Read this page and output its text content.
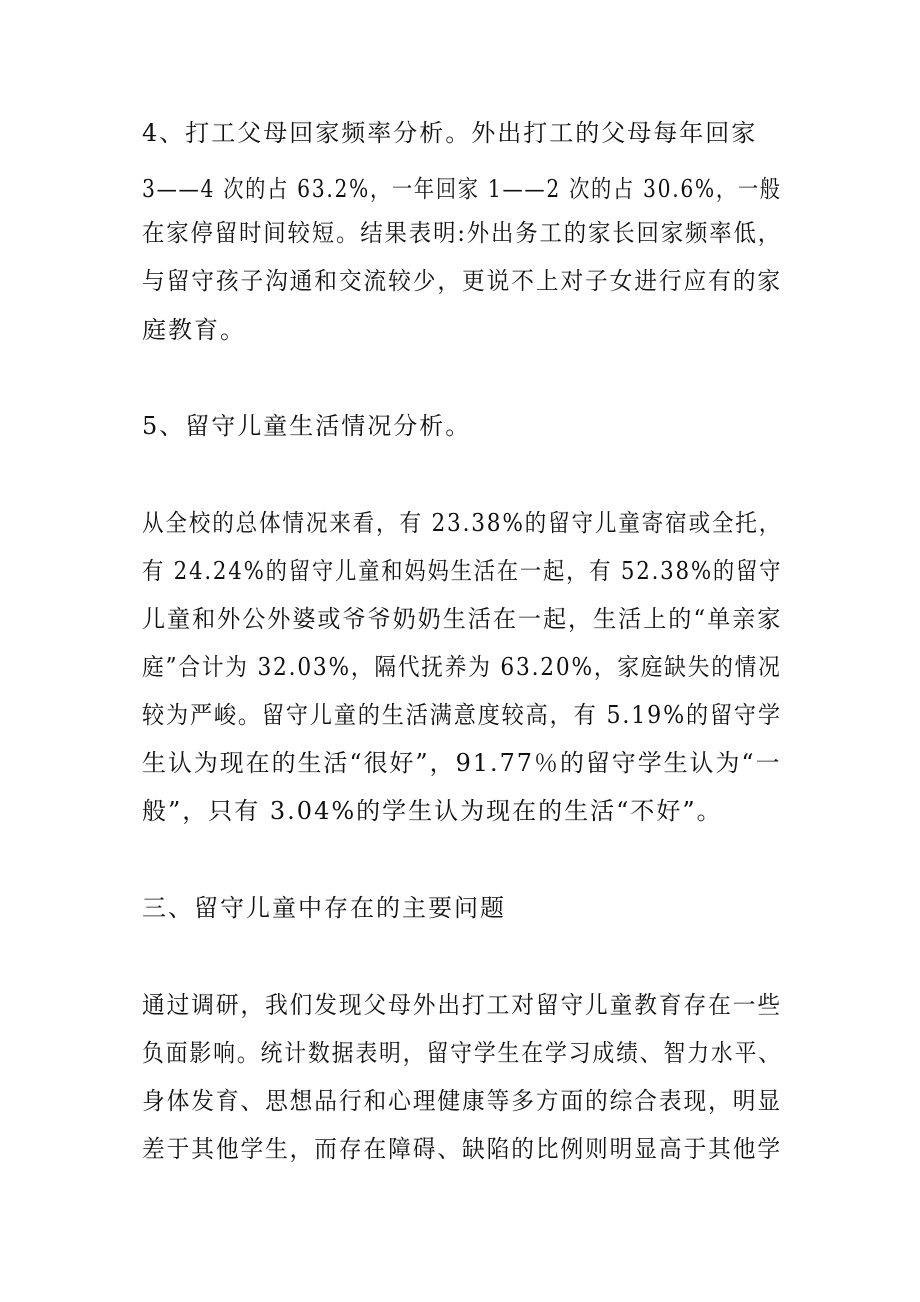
4、打工父母回家频率分析。外出打工的父母每年回家
3——4 次的占 63.2%，一年回家 1——2 次的占 30.6%，一般
在家停留时间较短。结果表明:外出务工的家长回家频率低，
与留守孩子沟通和交流较少，更说不上对子女进行应有的家
庭教育。
5、留守儿童生活情况分析。
从全校的总体情况来看，有 23.38%的留守儿童寄宿或全托，
有 24.24%的留守儿童和妈妈生活在一起，有 52.38%的留守
儿童和外公外婆或爷爷奶奶生活在一起，生活上的“单亲家
庭”合计为 32.03%，隔代抚养为 63.20%，家庭缺失的情况
较为严峻。留守儿童的生活满意度较高，有 5.19%的留守学
生认为现在的生活“很好”，91.77％的留守学生认为“一
般”，只有 3.04%的学生认为现在的生活“不好”。
三、留守儿童中存在的主要问题
通过调研，我们发现父母外出打工对留守儿童教育存在一些
负面影响。统计数据表明，留守学生在学习成绩、智力水平、
身体发育、思想品行和心理健康等多方面的综合表现，明显
差于其他学生，而存在障碍、缺陷的比例则明显高于其他学
